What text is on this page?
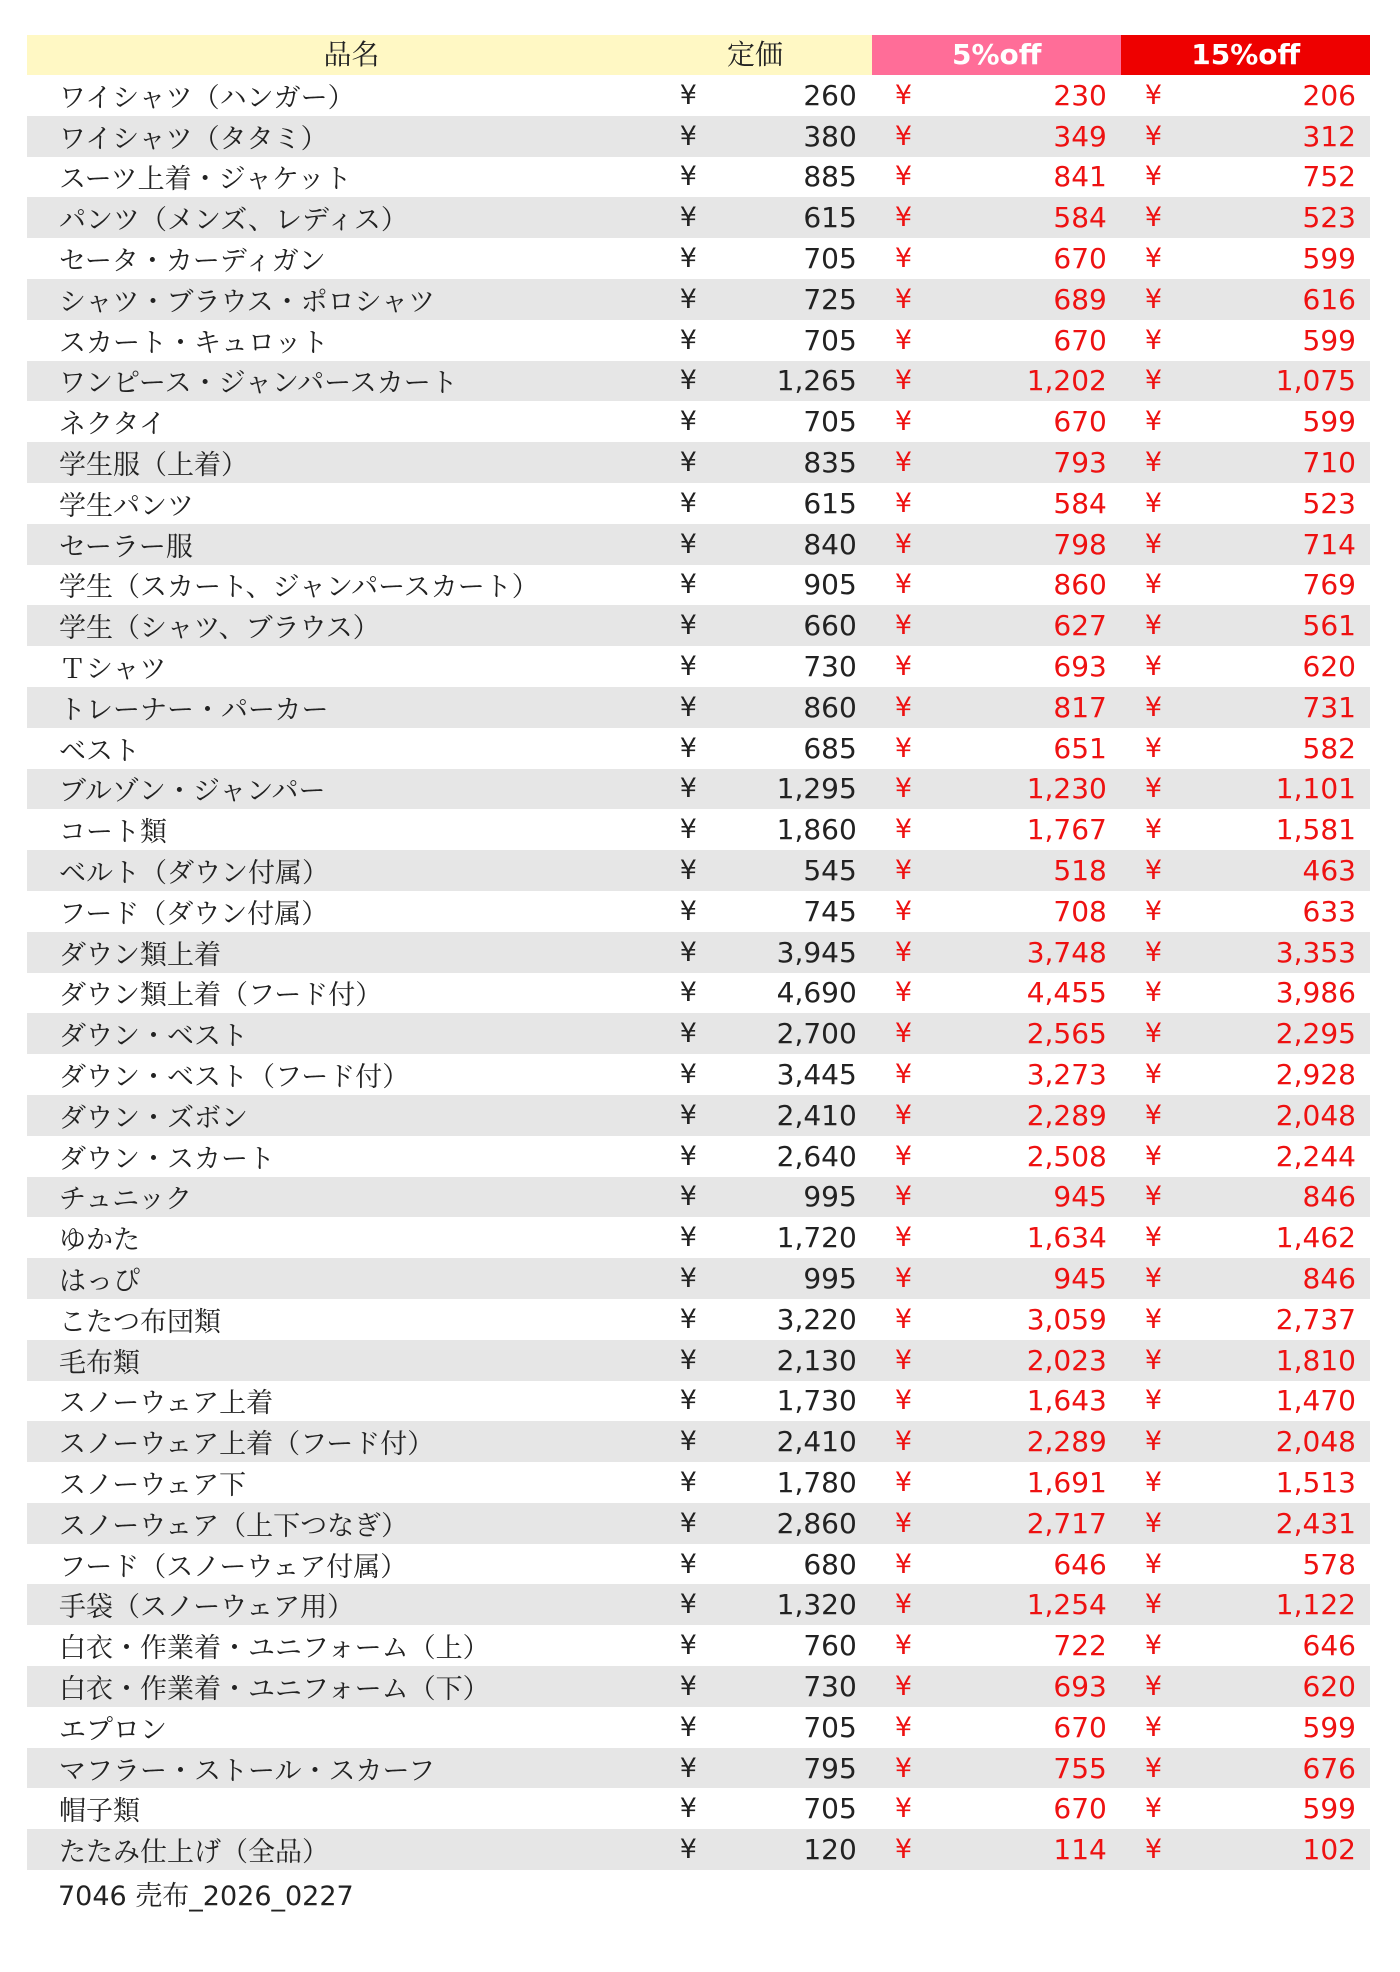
品名	定価	5%off	15%off
ワイシャツ（ハンガー）	¥	260	¥	230	¥	206
ワイシャツ（タタミ）	¥	380	¥	349	¥	312
スーツ上着・ジャケット	¥	885	¥	841	¥	752
パンツ（メンズ、レディス）	¥	615	¥	584	¥	523
セータ・カーディガン	¥	705	¥	670	¥	599
シャツ・ブラウス・ポロシャツ	¥	725	¥	689	¥	616
スカート・キュロット	¥	705	¥	670	¥	599
ワンピース・ジャンパースカート	¥	1,265	¥	1,202	¥	1,075
ネクタイ	¥	705	¥	670	¥	599
学生服（上着）	¥	835	¥	793	¥	710
学生パンツ	¥	615	¥	584	¥	523
セーラー服	¥	840	¥	798	¥	714
学生（スカート、ジャンパースカート）	¥	905	¥	860	¥	769
学生（シャツ、ブラウス）	¥	660	¥	627	¥	561
Ｔシャツ	¥	730	¥	693	¥	620
トレーナー・パーカー	¥	860	¥	817	¥	731
ベスト	¥	685	¥	651	¥	582
ブルゾン・ジャンパー	¥	1,295	¥	1,230	¥	1,101
コート類	¥	1,860	¥	1,767	¥	1,581
ベルト（ダウン付属）	¥	545	¥	518	¥	463
フード（ダウン付属）	¥	745	¥	708	¥	633
ダウン類上着	¥	3,945	¥	3,748	¥	3,353
ダウン類上着（フード付）	¥	4,690	¥	4,455	¥	3,986
ダウン・ベスト	¥	2,700	¥	2,565	¥	2,295
ダウン・ベスト（フード付）	¥	3,445	¥	3,273	¥	2,928
ダウン・ズボン	¥	2,410	¥	2,289	¥	2,048
ダウン・スカート	¥	2,640	¥	2,508	¥	2,244
チュニック	¥	995	¥	945	¥	846
ゆかた	¥	1,720	¥	1,634	¥	1,462
はっぴ	¥	995	¥	945	¥	846
こたつ布団類	¥	3,220	¥	3,059	¥	2,737
毛布類	¥	2,130	¥	2,023	¥	1,810
スノーウェア上着	¥	1,730	¥	1,643	¥	1,470
スノーウェア上着（フード付）	¥	2,410	¥	2,289	¥	2,048
スノーウェア下	¥	1,780	¥	1,691	¥	1,513
スノーウェア（上下つなぎ）	¥	2,860	¥	2,717	¥	2,431
フード（スノーウェア付属）	¥	680	¥	646	¥	578
手袋（スノーウェア用）	¥	1,320	¥	1,254	¥	1,122
白衣・作業着・ユニフォーム（上）	¥	760	¥	722	¥	646
白衣・作業着・ユニフォーム（下）	¥	730	¥	693	¥	620
エプロン	¥	705	¥	670	¥	599
マフラー・ストール・スカーフ	¥	795	¥	755	¥	676
帽子類	¥	705	¥	670	¥	599
たたみ仕上げ（全品）	¥	120	¥	114	¥	102
7046 売布_2026_0227
